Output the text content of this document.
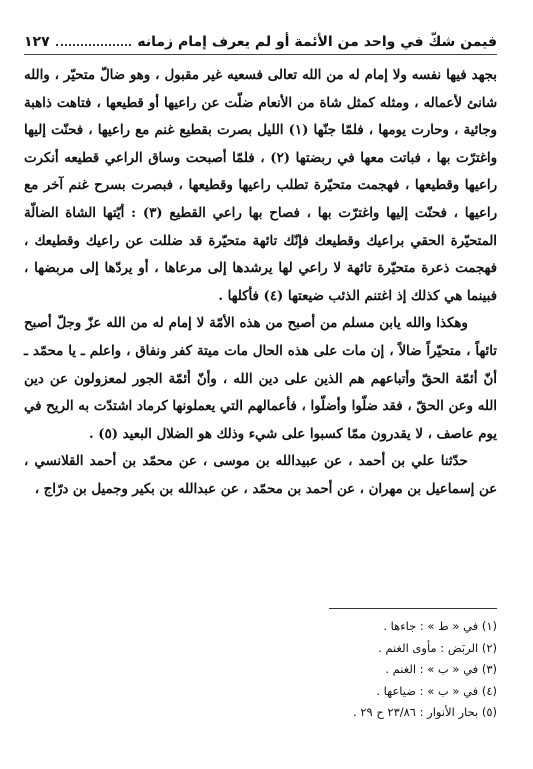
فيمن شكّ في واحد من الأئمة أو لم يعرف إمام زمانه
١٢٧

بجهد فيها نفسه ولا إمام له من الله تعالى فسعيه غير مقبول ، وهو ضالّ متحيّر ، والله شانئ لأعماله ، ومثله كمثل شاة من الأنعام ضلّت عن راعيها أو قطيعها ، فتاهت ذاهبة وجائية ، وحارت يومها ، فلمّا جنّها (١) الليل بصرت بقطيع غنم مع راعيها ، فحنّت إليها واغترّت بها ، فباتت معها في ربضتها (٢) ، فلمّا أصبحت وساق الراعي قطيعه أنكرت راعيها وقطيعها ، فهجمت متحيّرة تطلب راعيها وقطيعها ، فبصرت بسرح غنم آخر مع راعيها ، فحنّت إليها واغترّت بها ، فصاح بها راعي القطيع (٣) : أيّتها الشاة الضالّة المتحيّرة الحقي براعيك وقطيعك فإنّك تائهة متحيّرة قد ضللت عن راعيك وقطيعك ، فهجمت ذعرة متحيّرة تائهة لا راعي لها يرشدها إلى مرعاها ، أو يردّها إلى مربضها ، فبينما هي كذلك إذ اغتنم الذئب ضيعتها (٤) فأكلها .

وهكذا والله يابن مسلم من أصبح من هذه الأمّة لا إمام له من الله عزّ وجلّ أصبح تائهاً ، متحيّراً ضالاً ، إن مات على هذه الحال مات ميتة كفر ونفاق ، واعلم ـ يا محمّد ـ أنّ أئمّة الحقّ وأتباعهم هم الذين على دين الله ، وأنّ أئمّة الجور لمعزولون عن دين الله وعن الحقّ ، فقد ضلّوا وأضلّوا ، فأعمالهم التي يعملونها كرماد اشتدّت به الريح في يوم عاصف ، لا يقدرون ممّا كسبوا على شيء وذلك هو الضلال البعيد (٥) .

حدّثنا علي بن أحمد ، عن عبيدالله بن موسى ، عن محمّد بن أحمد القلانسي ، عن إسماعيل بن مهران ، عن أحمد بن محمّد ، عن عبدالله بن بكير وجميل بن درّاج ،

(١) في « ط » : جاءها .
(٢) الربَض : مأوى الغنم .
(٣) في « ب » : الغنم .
(٤) في « ب » : ضياعها .
(٥) بحار الأنوار : ٢٣/٨٦ ح ٢٩ .
